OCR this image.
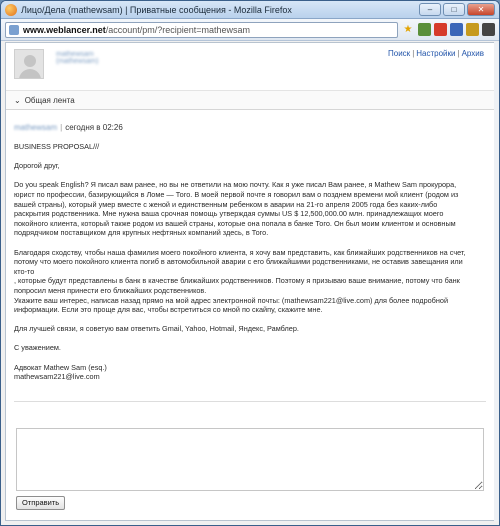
Лицо/Дела (mathewsam) | Приватные сообщения - Mozilla Firefox	–	□	✕
www.weblancer.net /account/pm/?recipient=mathewsam	★
mathewsam (mathewsam)
Поиск | Настройки | Архив
⌄ Общая лента
mathewsam | сегодня в 02:26

BUSINESS PROPOSAL///

Дорогой друг,

Do you speak English? Я писал вам ранее, но вы не ответили на мою почту. Как я уже писал Вам ранее, я Mathew Sam прокурора, юрист по профессии, базирующийся в Ломе — Того. В моей первой почте я говорил вам о позднем времени мой клиент (родом из вашей страны), который умер вместе с женой и единственным ребенком в аварии на 21-го апреля 2005 года без каких-либо раскрытия родственника. Мне нужна ваша срочная помощь утверждая суммы US $ 12,500,000.00 млн. принадлежащих моего покойного клиента, который также родом из вашей страны, которые она попала в банке Того. Он был моим клиентом и основным подрядчиком поставщиком для крупных нефтяных компаний здесь, в Того.

Благодаря сходству, чтобы наша фамилия моего покойного клиента, я хочу вам представить, как ближайших родственников на счет, потому что моего покойного клиента погиб в автомобильной аварии с его ближайшими родственниками, не оставив завещания или кто-то
, которые будут представлены в банк в качестве ближайших родственников. Поэтому я призываю ваше внимание, потому что банк попросил меня принести его ближайших родственников.
Укажите ваш интерес, написав назад прямо на мой адрес электронной почты: (mathewsam221@live.com) для более подробной информации. Если это проще для вас, чтобы встретиться со мной по скайпу, скажите мне.

Для лучшей связи, я советую вам ответить Gmail, Yahoo, Hotmail, Яндекс, Рамблер.

С уважением.

Адвокат Mathew Sam (esq.)
mathewsam221@live.com

Отправить
